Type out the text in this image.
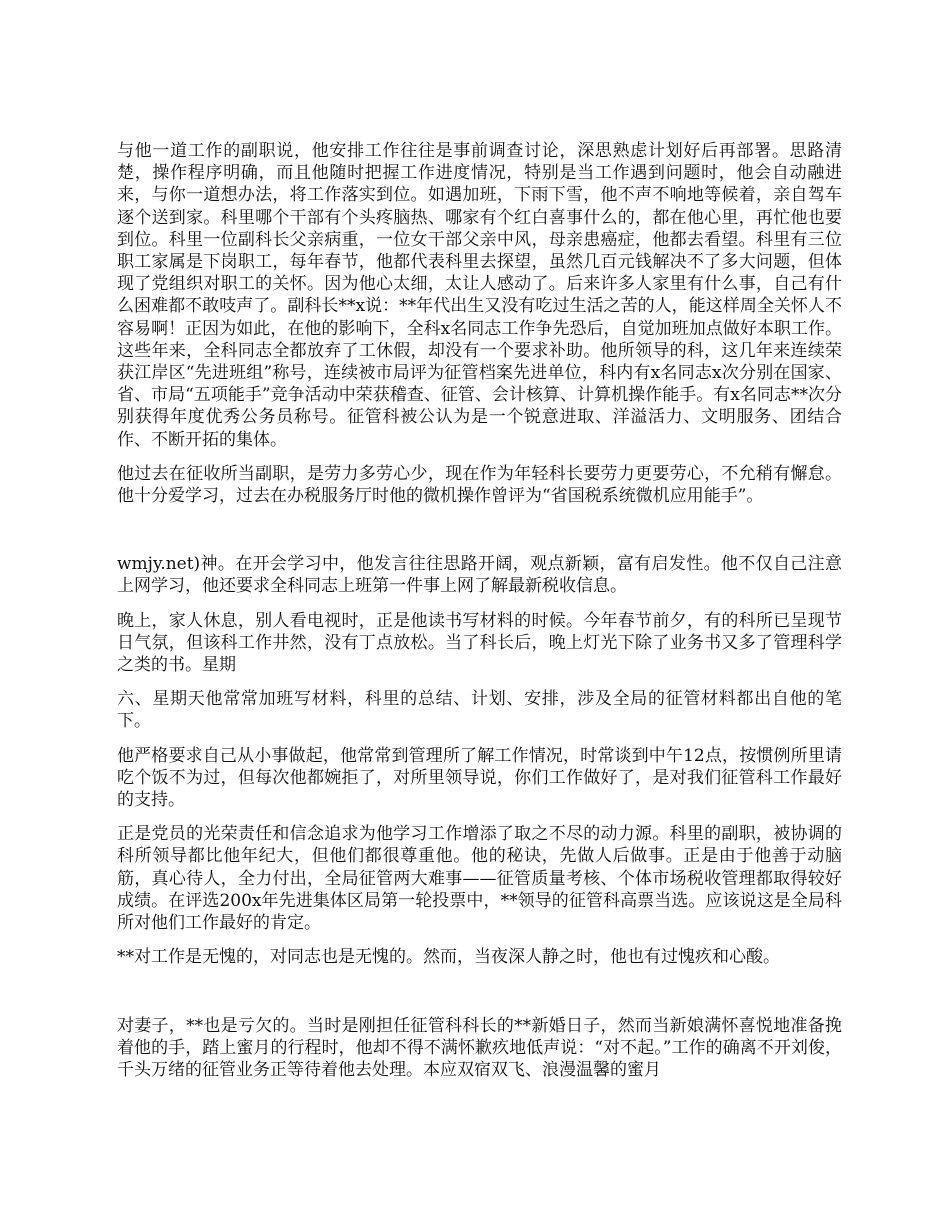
与他一道工作的副职说，他安排工作往往是事前调查讨论，深思熟虑计划好后再部署。思路清楚，操作程序明确，而且他随时把握工作进度情况，特别是当工作遇到问题时，他会自动融进来，与你一道想办法，将工作落实到位。如遇加班，下雨下雪，他不声不响地等候着，亲自驾车逐个送到家。科里哪个干部有个头疼脑热、哪家有个红白喜事什么的，都在他心里，再忙他也要到位。科里一位副科长父亲病重，一位女干部父亲中风，母亲患癌症，他都去看望。科里有三位职工家属是下岗职工，每年春节，他都代表科里去探望，虽然几百元钱解决不了多大问题，但体现了党组织对职工的关怀。因为他心太细，太让人感动了。后来许多人家里有什么事，自己有什么困难都不敢吱声了。副科长**x说：**年代出生又没有吃过生活之苦的人，能这样周全关怀人不容易啊！正因为如此，在他的影响下，全科x名同志工作争先恐后，自觉加班加点做好本职工作。这些年来，全科同志全都放弃了工休假，却没有一个要求补助。他所领导的科，这几年来连续荣获江岸区“先进班组”称号，连续被市局评为征管档案先进单位，科内有x名同志x次分别在国家、省、市局“五项能手”竞争活动中荣获稽查、征管、会计核算、计算机操作能手。有x名同志**次分别获得年度优秀公务员称号。征管科被公认为是一个锐意进取、洋溢活力、文明服务、团结合作、不断开拓的集体。

他过去在征收所当副职，是劳力多劳心少，现在作为年轻科长要劳力更要劳心，不允稍有懈怠。他十分爱学习，过去在办税服务厅时他的微机操作曾评为“省国税系统微机应用能手”。

wmjy.net)神。在开会学习中，他发言往往思路开阔，观点新颖，富有启发性。他不仅自己注意上网学习，他还要求全科同志上班第一件事上网了解最新税收信息。

晚上，家人休息，别人看电视时，正是他读书写材料的时候。今年春节前夕，有的科所已呈现节日气氛，但该科工作井然，没有丁点放松。当了科长后，晚上灯光下除了业务书又多了管理科学之类的书。星期

六、星期天他常常加班写材料，科里的总结、计划、安排，涉及全局的征管材料都出自他的笔下。

他严格要求自己从小事做起，他常常到管理所了解工作情况，时常谈到中午12点，按惯例所里请吃个饭不为过，但每次他都婉拒了，对所里领导说，你们工作做好了，是对我们征管科工作最好的支持。

正是党员的光荣责任和信念追求为他学习工作增添了取之不尽的动力源。科里的副职，被协调的科所领导都比他年纪大，但他们都很尊重他。他的秘诀，先做人后做事。正是由于他善于动脑筋，真心待人，全力付出，全局征管两大难事——征管质量考核、个体市场税收管理都取得较好成绩。在评选200x年先进集体区局第一轮投票中，**领导的征管科高票当选。应该说这是全局科所对他们工作最好的肯定。

**对工作是无愧的，对同志也是无愧的。然而，当夜深人静之时，他也有过愧疚和心酸。

对妻子，**也是亏欠的。当时是刚担任征管科科长的**新婚日子，然而当新娘满怀喜悦地准备挽着他的手，踏上蜜月的行程时，他却不得不满怀歉疚地低声说：“对不起。”工作的确离不开刘俊，千头万绪的征管业务正等待着他去处理。本应双宿双飞、浪漫温馨的蜜月
